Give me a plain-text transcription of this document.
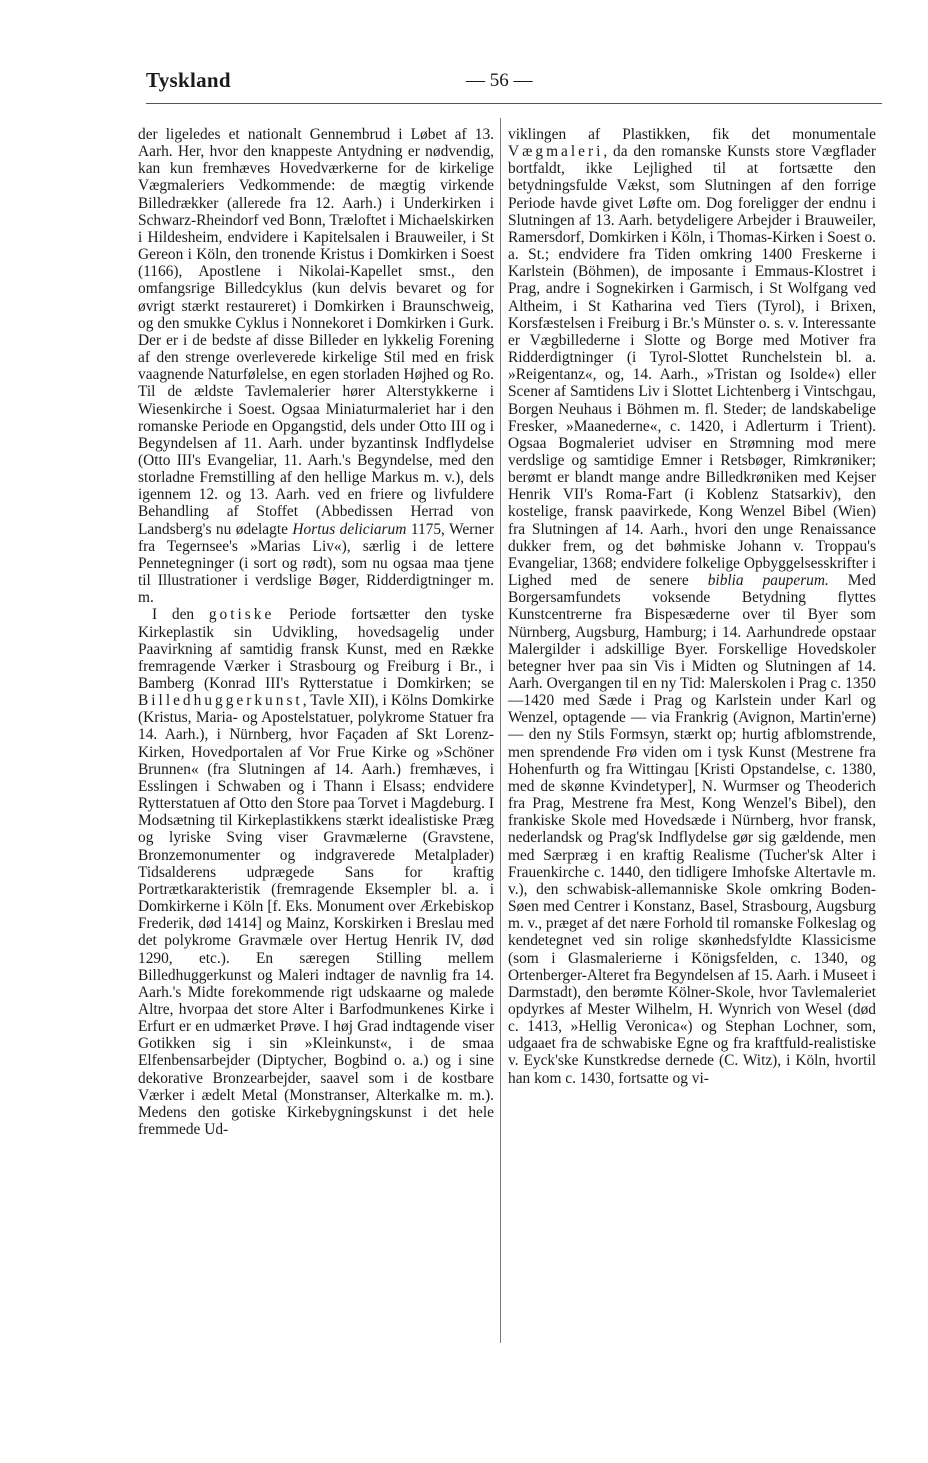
Tyskland	— 56 —

der ligeledes et nationalt Gennembrud i Løbet af 13. Aarh. Her, hvor den knappeste Antydning er nødvendig, kan kun fremhæves Hovedværkerne for de kirkelige Vægmaleriers Vedkommende: de mægtig virkende Billedrækker (allerede fra 12. Aarh.) i Underkirken i Schwarz-Rheindorf ved Bonn, Træloftet i Michaelskirken i Hildesheim, endvidere i Kapitelsalen i Brauweiler, i St Gereon i Köln, den tronende Kristus i Domkirken i Soest (1166), Apostlene i Nikolai-Kapellet smst., den omfangsrige Billedcyklus (kun delvis bevaret og for øvrigt stærkt restaureret) i Domkirken i Braunschweig, og den smukke Cyklus i Nonnekoret i Domkirken i Gurk. Der er i de bedste af disse Billeder en lykkelig Forening af den strenge overleverede kirkelige Stil med en frisk vaagnende Naturfølelse, en egen storladen Højhed og Ro. Til de ældste Tavlemalerier hører Alterstykkerne i Wiesenkirche i Soest. Ogsaa Miniaturmaleriet har i den romanske Periode en Opgangstid, dels under Otto III og i Begyndelsen af 11. Aarh. under byzantinsk Indflydelse (Otto III's Evangeliar, 11. Aarh.'s Begyndelse, med den storladne Fremstilling af den hellige Markus m. v.), dels igennem 12. og 13. Aarh. ved en friere og livfuldere Behandling af Stoffet (Abbedissen Herrad von Landsberg's nu ødelagte Hortus deliciarum 1175, Werner fra Tegernsee's »Marias Liv«), særlig i de lettere Pennetegninger (i sort og rødt), som nu ogsaa maa tjene til Illustrationer i verdslige Bøger, Ridderdigtninger m. m.

I den gotiske Periode fortsætter den tyske Kirkeplastik sin Udvikling, hovedsagelig under Paavirkning af samtidig fransk Kunst, med en Række fremragende Værker i Strasbourg og Freiburg i Br., i Bamberg (Konrad III's Rytterstatue i Domkirken; se Billedhuggerkunst, Tavle XII), i Kölns Domkirke (Kristus, Maria- og Apostelstatuer, polykrome Statuer fra 14. Aarh.), i Nürnberg, hvor Façaden af Skt Lorenz-Kirken, Hovedportalen af Vor Frue Kirke og »Schöner Brunnen« (fra Slutningen af 14. Aarh.) fremhæves, i Esslingen i Schwaben og i Thann i Elsass; endvidere Rytterstatuen af Otto den Store paa Torvet i Magdeburg. I Modsætning til Kirkeplastikkens stærkt idealistiske Præg og lyriske Sving viser Gravmælerne (Gravstene, Bronzemonumenter og indgraverede Metalplader) Tidsalderens udprægede Sans for kraftig Portrætkarakteristik (fremragende Eksempler bl. a. i Domkirkerne i Köln [f. Eks. Monument over Ærkebiskop Frederik, død 1414] og Mainz, Korskirken i Breslau med det polykrome Gravmæle over Hertug Henrik IV, død 1290, etc.). En særegen Stilling mellem Billedhuggerkunst og Maleri indtager de navnlig fra 14. Aarh.'s Midte forekommende rigt udskaarne og malede Altre, hvorpaa det store Alter i Barfodmunkenes Kirke i Erfurt er en udmærket Prøve. I høj Grad indtagende viser Gotikken sig i sin »Kleinkunst«, i de smaa Elfenbensarbejder (Diptycher, Bogbind o. a.) og i sine dekorative Bronzearbejder, saavel som i de kostbare Værker i ædelt Metal (Monstranser, Alterkalke m. m.). Medens den gotiske Kirkebygningskunst i det hele fremmede Ud-

viklingen af Plastikken, fik det monumentale Vægmaleri, da den romanske Kunsts store Vægflader bortfaldt, ikke Lejlighed til at fortsætte den betydningsfulde Vækst, som Slutningen af den forrige Periode havde givet Løfte om. Dog foreligger der endnu i Slutningen af 13. Aarh. betydeligere Arbejder i Brauweiler, Ramersdorf, Domkirken i Köln, i Thomas-Kirken i Soest o. a. St.; endvidere fra Tiden omkring 1400 Freskerne i Karlstein (Böhmen), de imposante i Emmaus-Klostret i Prag, andre i Sognekirken i Garmisch, i St Wolfgang ved Altheim, i St Katharina ved Tiers (Tyrol), i Brixen, Korsfæstelsen i Freiburg i Br.'s Münster o. s. v. Interessante er Vægbillederne i Slotte og Borge med Motiver fra Ridderdigtninger (i Tyrol-Slottet Runchelstein bl. a. »Reigentanz«, og, 14. Aarh., »Tristan og Isolde«) eller Scener af Samtidens Liv i Slottet Lichtenberg i Vintschgau, Borgen Neuhaus i Böhmen m. fl. Steder; de landskabelige Fresker, »Maanederne«, c. 1420, i Adlerturm i Trient). Ogsaa Bogmaleriet udviser en Strømning mod mere verdslige og samtidige Emner i Retsbøger, Rimkrøniker; berømt er blandt mange andre Billedkrøniken med Kejser Henrik VII's Roma-Fart (i Koblenz Statsarkiv), den kostelige, fransk paavirkede, Kong Wenzel Bibel (Wien) fra Slutningen af 14. Aarh., hvori den unge Renaissance dukker frem, og det bøhmiske Johann v. Troppau's Evangeliar, 1368; endvidere folkelige Opbyggelsesskrifter i Lighed med de senere biblia pauperum. Med Borgersamfundets voksende Betydning flyttes Kunstcentrerne fra Bispesæderne over til Byer som Nürnberg, Augsburg, Hamburg; i 14. Aarhundrede opstaar Malergilder i adskillige Byer. Forskellige Hovedskoler betegner hver paa sin Vis i Midten og Slutningen af 14. Aarh. Overgangen til en ny Tid: Malerskolen i Prag c. 1350—1420 med Sæde i Prag og Karlstein under Karl og Wenzel, optagende — via Frankrig (Avignon, Martin'erne) — den ny Stils Formsyn, stærkt op; hurtig afblomstrende, men sprendende Frø viden om i tysk Kunst (Mestrene fra Hohenfurth og fra Wittingau [Kristi Opstandelse, c. 1380, med de skønne Kvindetyper], N. Wurmser og Theoderich fra Prag, Mestrene fra Mest, Kong Wenzel's Bibel), den frankiske Skole med Hovedsæde i Nürnberg, hvor fransk, nederlandsk og Prag'sk Indflydelse gør sig gældende, men med Særpræg i en kraftig Realisme (Tucher'sk Alter i Frauenkirche c. 1440, den tidligere Imhofske Altertavle m. v.), den schwabisk-allemanniske Skole omkring Boden-Søen med Centrer i Konstanz, Basel, Strasbourg, Augsburg m. v., præget af det nære Forhold til romanske Folkeslag og kendetegnet ved sin rolige skønhedsfyldte Klassicisme (som i Glasmalerierne i Königsfelden, c. 1340, og Ortenberger-Alteret fra Begyndelsen af 15. Aarh. i Museet i Darmstadt), den berømte Kölner-Skole, hvor Tavlemaleriet opdyrkes af Mester Wilhelm, H. Wynrich von Wesel (død c. 1413, »Hellig Veronica«) og Stephan Lochner, som, udgaaet fra de schwabiske Egne og fra kraftfuld-realistiske v. Eyck'ske Kunstkredse dernede (C. Witz), i Köln, hvortil han kom c. 1430, fortsatte og vi-
